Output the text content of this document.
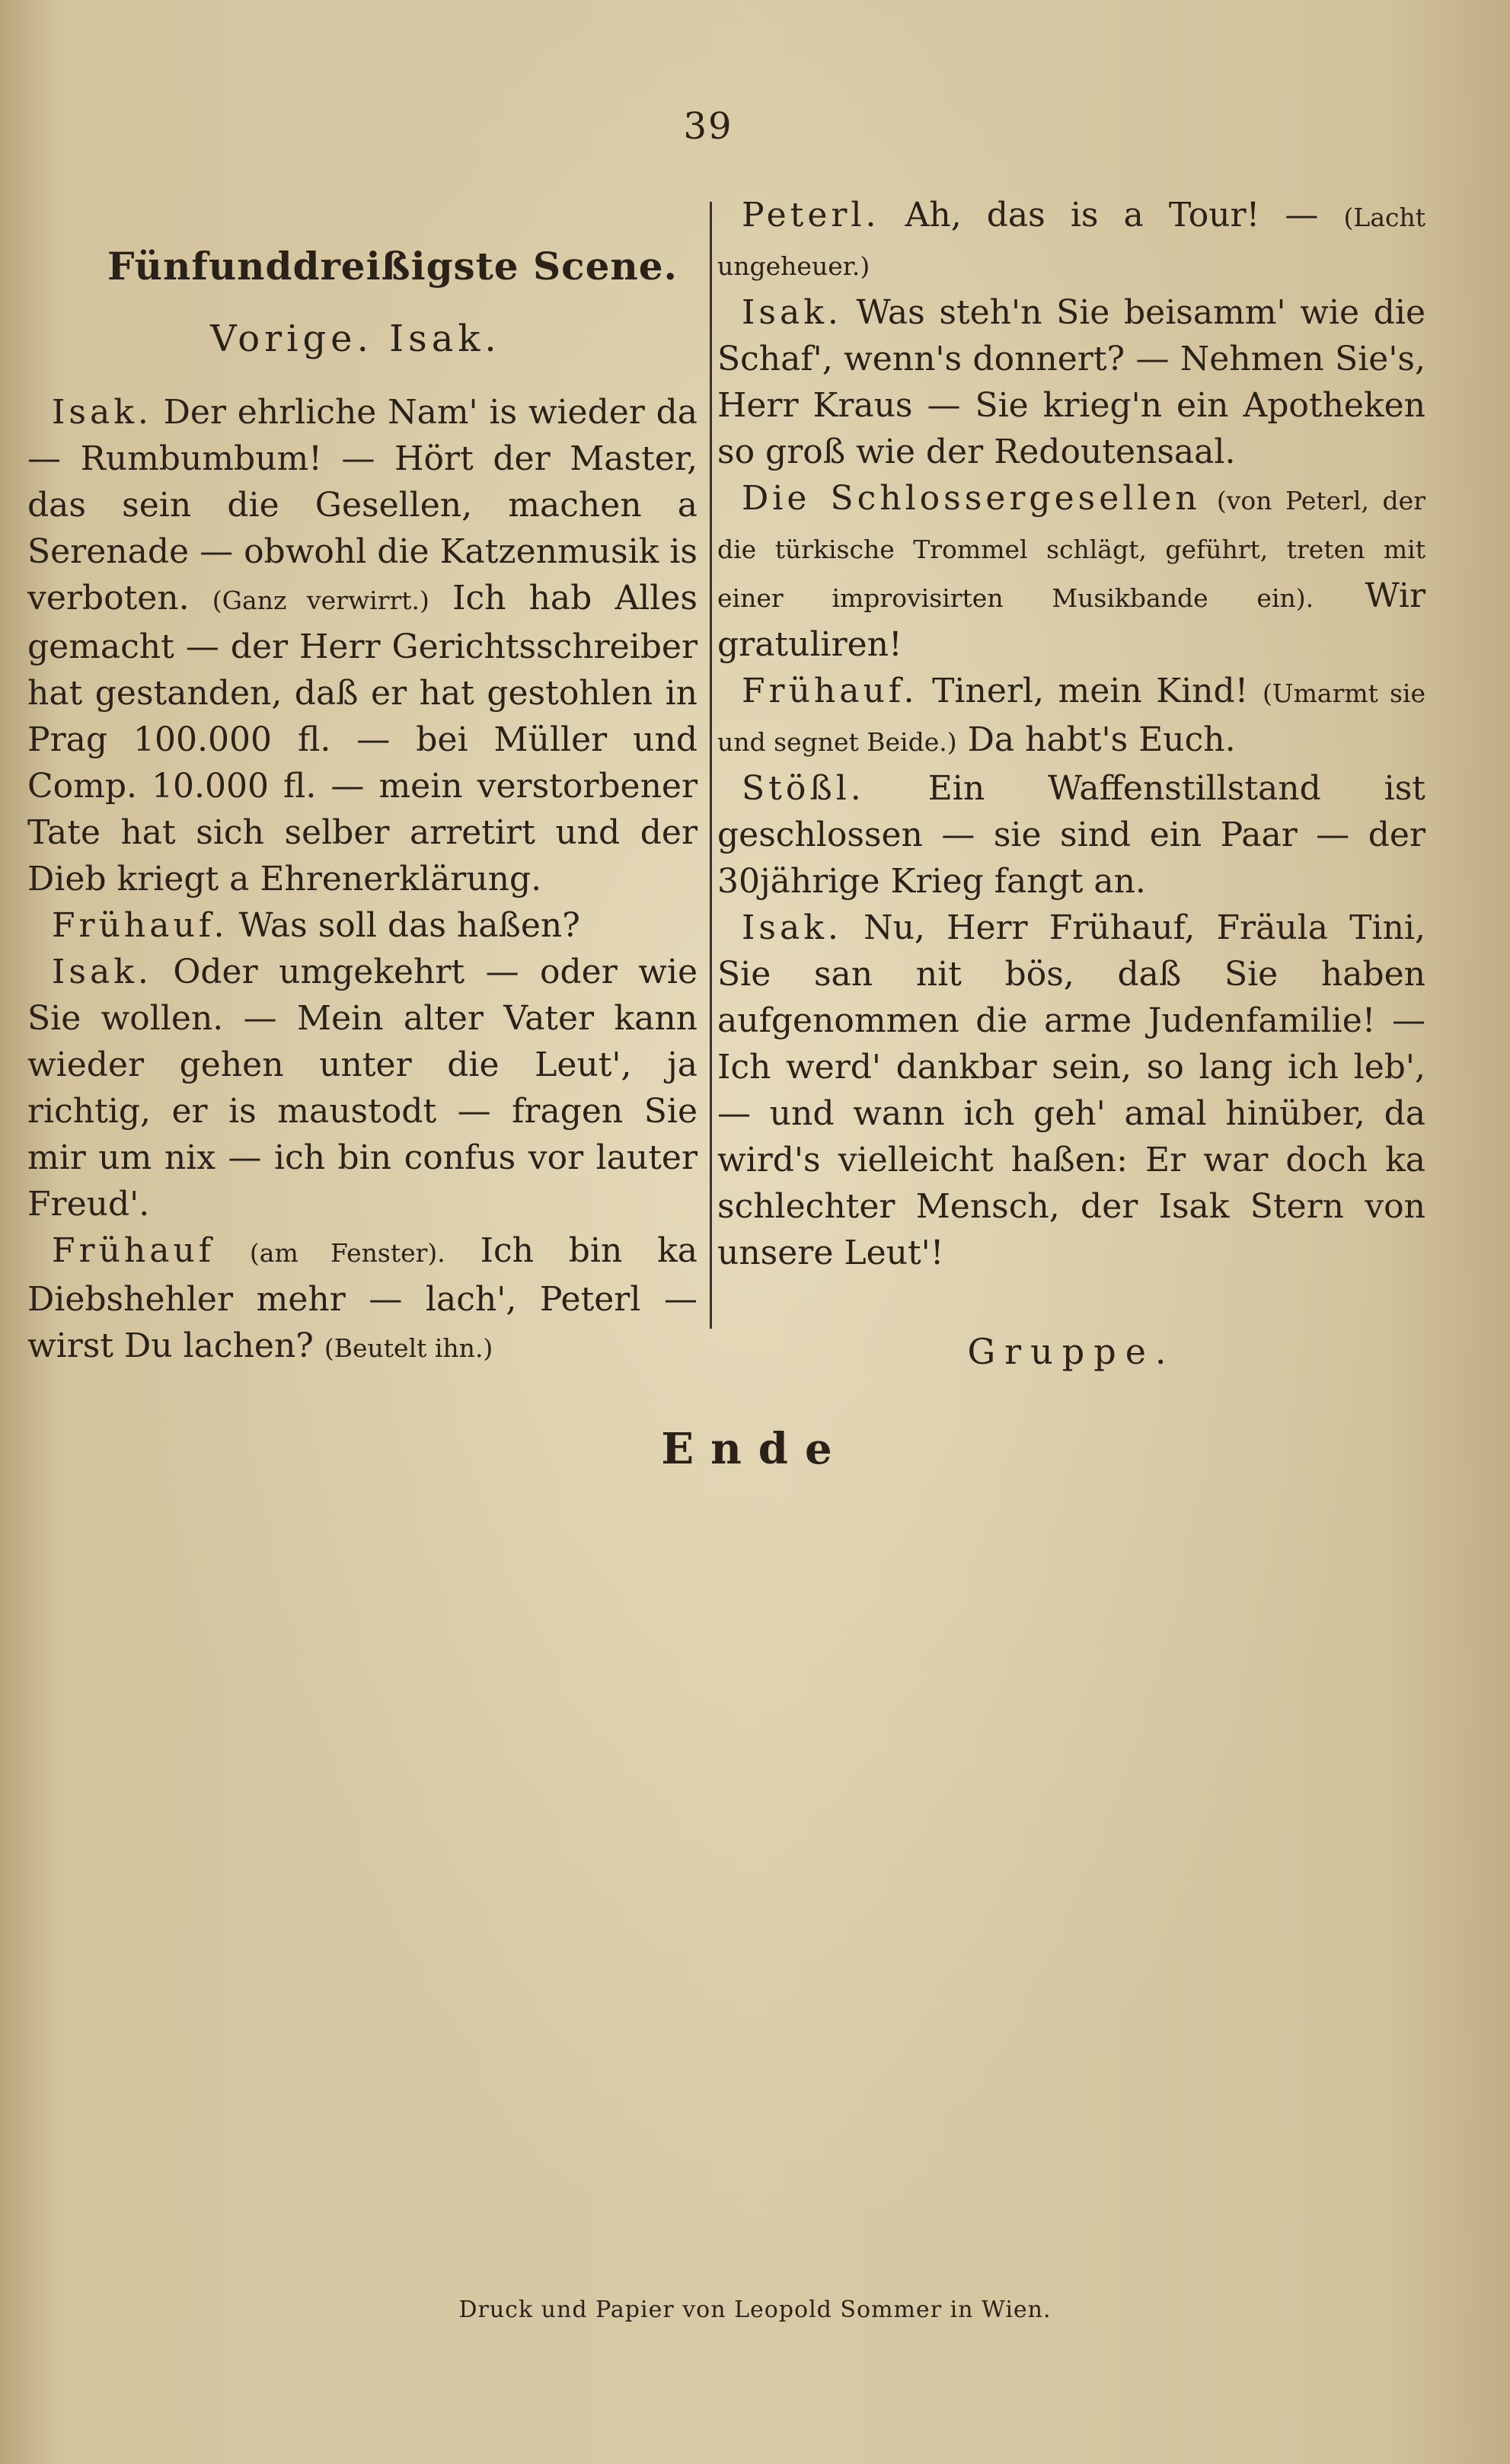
39
Fünfunddreißigste Scene.
Vorige. Isak.

Isak. Der ehrliche Nam' is wieder da — Rumbumbum! — Hört der Master, das sein die Gesellen, machen a Serenade — obwohl die Katzenmusik is verboten. (Ganz verwirrt.) Ich hab Alles gemacht — der Herr Gerichtsschreiber hat gestanden, daß er hat gestohlen in Prag 100.000 fl. — bei Müller und Comp. 10.000 fl. — mein verstorbener Tate hat sich selber arretirt und der Dieb kriegt a Ehrenerklärung.

Frühauf. Was soll das haßen?

Isak. Oder umgekehrt — oder wie Sie wollen. — Mein alter Vater kann wieder gehen unter die Leut', ja richtig, er is maustodt — fragen Sie mir um nix — ich bin confus vor lauter Freud'.

Frühauf (am Fenster). Ich bin ka Diebshehler mehr — lach', Peterl — wirst Du lachen? (Beutelt ihn.)

Peterl. Ah, das is a Tour! — (Lacht ungeheuer.)

Isak. Was steh'n Sie beisamm' wie die Schaf', wenn's donnert? — Nehmen Sie's, Herr Kraus — Sie krieg'n ein Apotheken so groß wie der Redoutensaal.

Die Schlossergesellen (von Peterl, der die türkische Trommel schlägt, geführt, treten mit einer improvisirten Musikbande ein). Wir gratuliren!

Frühauf. Tinerl, mein Kind! (Umarmt sie und segnet Beide.) Da habt's Euch.

Stößl. Ein Waffenstillstand ist geschlossen — sie sind ein Paar — der 30jährige Krieg fangt an.

Isak. Nu, Herr Frühauf, Fräula Tini, Sie san nit bös, daß Sie haben aufgenommen die arme Judenfamilie! — Ich werd' dankbar sein, so lang ich leb', — und wann ich geh' amal hinüber, da wird's vielleicht haßen: Er war doch ka schlechter Mensch, der Isak Stern von unsere Leut'!

Gruppe.
Ende
Druck und Papier von Leopold Sommer in Wien.
